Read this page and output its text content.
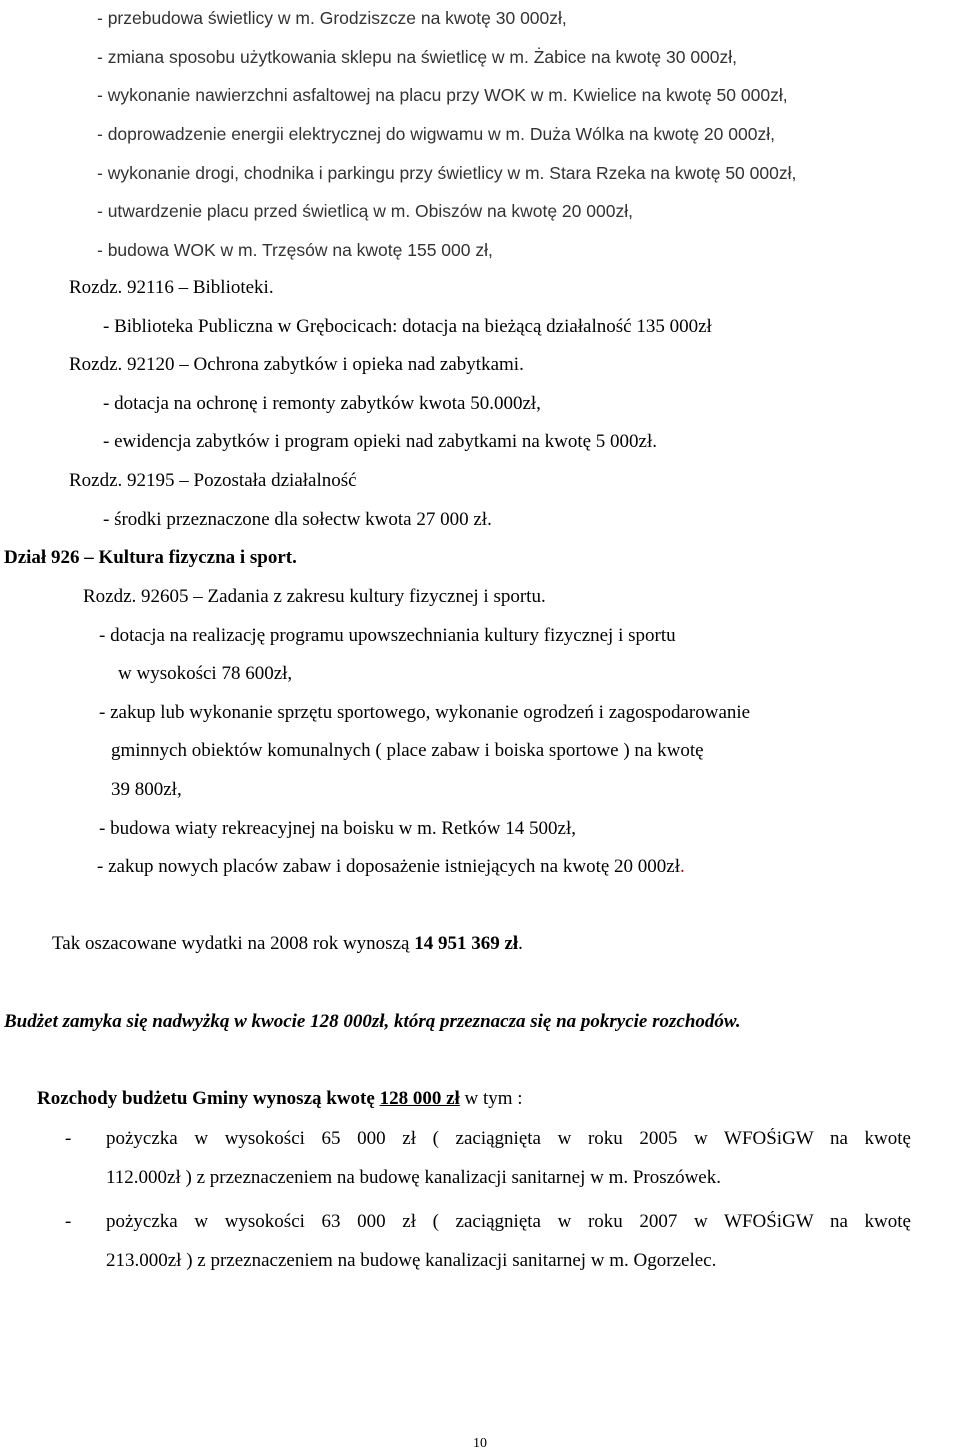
- przebudowa świetlicy w m. Grodziszcze na kwotę 30 000zł,
- zmiana sposobu użytkowania sklepu na świetlicę w m. Żabice na kwotę 30 000zł,
- wykonanie nawierzchni asfaltowej na placu przy WOK w m. Kwielice na kwotę 50 000zł,
- doprowadzenie energii elektrycznej do wigwamu w m. Duża Wólka na kwotę 20 000zł,
- wykonanie drogi, chodnika i parkingu przy świetlicy w m. Stara Rzeka na kwotę 50 000zł,
- utwardzenie placu przed świetlicą w m. Obiszów na kwotę 20 000zł,
- budowa WOK w m. Trzęsów na kwotę 155 000 zł,
Rozdz. 92116 – Biblioteki.
- Biblioteka Publiczna w Grębocicach: dotacja na bieżącą działalność 135 000zł
Rozdz. 92120 – Ochrona zabytków i opieka nad zabytkami.
- dotacja na ochronę i remonty zabytków kwota 50.000zł,
- ewidencja zabytków i program opieki nad zabytkami na kwotę 5 000zł.
Rozdz. 92195 – Pozostała działalność
- środki przeznaczone dla sołectw kwota 27 000 zł.
Dział 926 – Kultura fizyczna i sport.
Rozdz. 92605 – Zadania z zakresu kultury fizycznej i sportu.
- dotacja na realizację programu upowszechniania kultury fizycznej i sportu
w wysokości 78 600zł,
- zakup lub wykonanie sprzętu sportowego, wykonanie ogrodzeń i zagospodarowanie
gminnych obiektów komunalnych ( place zabaw i boiska sportowe ) na kwotę
39 800zł,
- budowa wiaty rekreacyjnej na boisku w m. Retków 14 500zł,
- zakup nowych placów zabaw i doposażenie istniejących na kwotę 20 000zł.
Tak oszacowane wydatki na 2008 rok wynoszą 14 951 369 zł.
Budżet zamyka się nadwyżką w kwocie 128 000zł, którą przeznacza się na pokrycie rozchodów.
Rozchody budżetu Gminy wynoszą kwotę 128 000 zł w tym :
- pożyczka w wysokości 65 000 zł ( zaciągnięta w roku 2005 w WFOŚiGW na kwotę
112.000zł ) z przeznaczeniem na budowę kanalizacji sanitarnej w m. Proszówek.
- pożyczka w wysokości 63 000 zł ( zaciągnięta w roku 2007 w WFOŚiGW na kwotę
213.000zł ) z przeznaczeniem na budowę kanalizacji sanitarnej w m. Ogorzelec.
10
